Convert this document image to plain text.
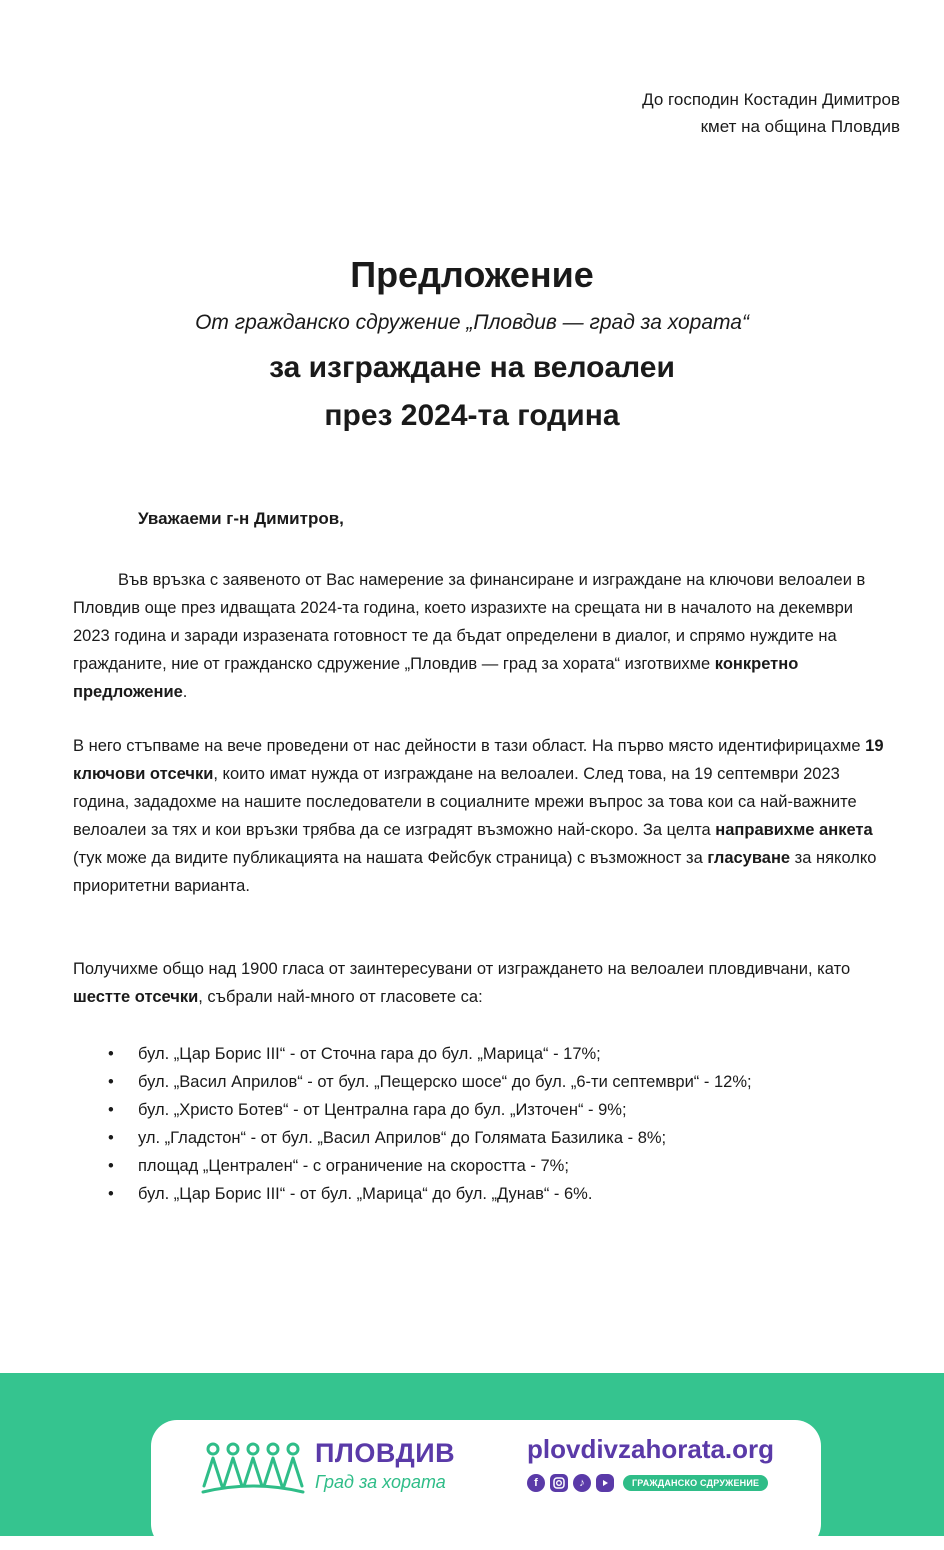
До господин Костадин Димитров
кмет на община Пловдив
Предложение
От гражданско сдружение „Пловдив — град за хората“
за изграждане на велоалеи
през 2024-та година
Уважаеми г-н Димитров,

Във връзка с заявеното от Вас намерение за финансиране и изграждане на ключови велоалеи в Пловдив още през идващата 2024-та година, което изразихте на срещата ни в началото на декември 2023 година и заради изразената готовност те да бъдат определени в диалог, и спрямо нуждите на гражданите, ние от гражданско сдружение „Пловдив — град за хората“ изготвихме конкретно предложение.

В него стъпваме на вече проведени от нас дейности в тази област. На първо място идентифирицахме 19 ключови отсечки, които имат нужда от изграждане на велоалеи. След това, на 19 септември 2023 година, зададохме на нашите последователи в социалните мрежи въпрос за това кои са най-важните велоалеи за тях и кои връзки трябва да се изградят възможно най-скоро. За целта направихме анкета (тук може да видите публикацията на нашата Фейсбук страница) с възможност за гласуване за няколко приоритетни варианта.

Получихме общо над 1900 гласа от заинтересувани от изграждането на велоалеи пловдивчани, като шестте отсечки, събрали най-много от гласовете са:

• бул. „Цар Борис III“ - от Сточна гара до бул. „Марица“ - 17%;
• бул. „Васил Априлов“ - от бул. „Пещерско шосе“ до бул. „6-ти септември“ - 12%;
• бул. „Христо Ботев“ - от Централна гара до бул. „Източен“ - 9%;
• ул. „Гладстон“ - от бул. „Васил Априлов“ до Голямата Базилика - 8%;
• площад „Централен“ - с ограничение на скоростта - 7%;
• бул. „Цар Борис III“ - от бул. „Марица“ до бул. „Дунав“ - 6%.
ПЛОВДИВ
Град за хората
plovdivzahorata.org
f	♪	ГРАЖДАНСКО СДРУЖЕНИЕ
